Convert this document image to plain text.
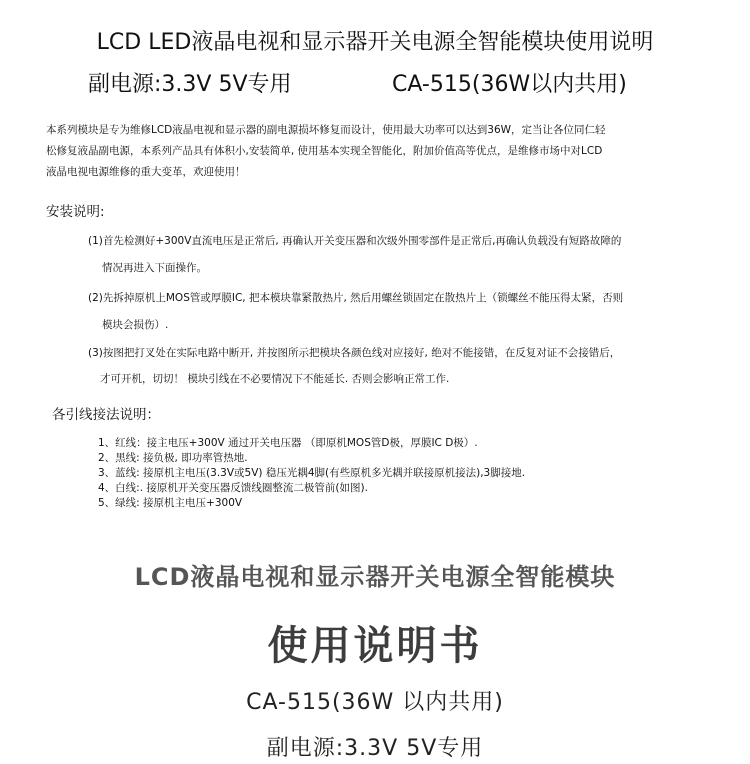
LCD LED液晶电视和显示器开关电源全智能模块使用说明
副电源:3.3V 5V专用	CA-515(36W以内共用)

本系列模块是专为维修LCD液晶电视和显示器的副电源损坏修复而设计，使用最大功率可以达到36W，定当让各位同仁轻

松修复液晶副电源，本系列产品具有体积小,安装简单, 使用基本实现全智能化，附加价值高等优点，是维修市场中对LCD

液晶电视电源维修的重大变革，欢迎使用！

安装说明:
(1)首先检测好+300V直流电压是正常后, 再确认开关变压器和次级外围零部件是正常后,再确认负载没有短路故障的
情况再进入下面操作。
(2)先拆掉原机上MOS管或厚膜IC, 把本模块靠紧散热片, 然后用螺丝锁固定在散热片上（锁螺丝不能压得太紧，否则
模块会损伤）.
(3)按图把打叉处在实际电路中断开, 并按图所示把模块各颜色线对应接好, 绝对不能接错，在反复对证不会接错后，
才可开机，切切！ 模块引线在不必要情况下不能延长. 否则会影响正常工作.
各引线接法说明：
1、红线：接主电压+300V 通过开关电压器 （即原机MOS管D极，厚膜IC D极）.
2、黑线: 接负极, 即功率管热地.
3、蓝线: 接原机主电压(3.3V或5V) 稳压光耦4脚(有些原机多光耦并联接原机接法),3脚接地.
4、白线:. 接原机开关变压器反馈线圈整流二极管前(如图).
5、绿线: 接原机主电压+300V
LCD液晶电视和显示器开关电源全智能模块
使用说明书
CA-515(36W 以内共用)
副电源:3.3V 5V专用
